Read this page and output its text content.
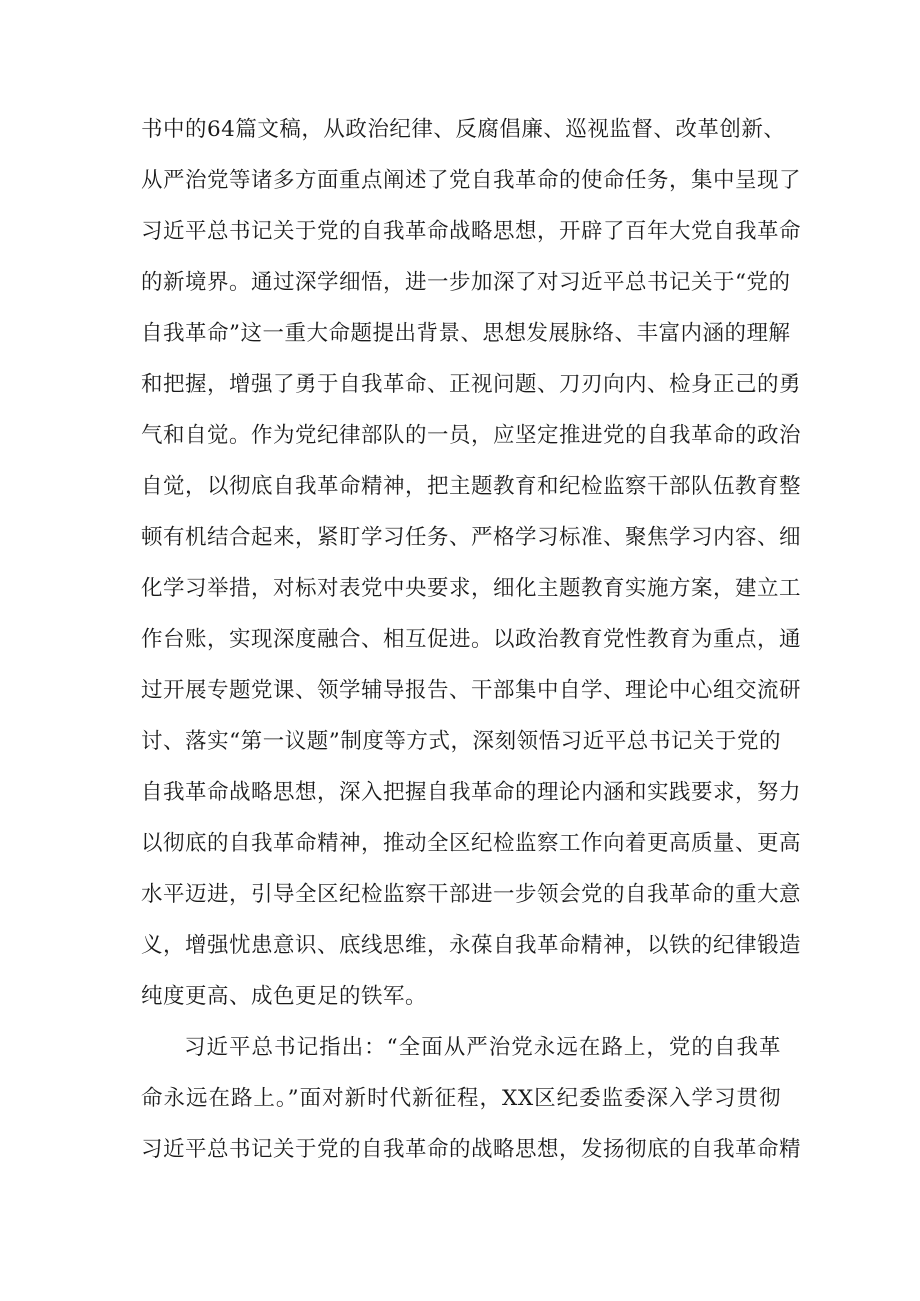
书中的64篇文稿，从政治纪律、反腐倡廉、巡视监督、改革创新、
从严治党等诸多方面重点阐述了党自我革命的使命任务，集中呈现了
习近平总书记关于党的自我革命战略思想，开辟了百年大党自我革命
的新境界。通过深学细悟，进一步加深了对习近平总书记关于“党的
自我革命”这一重大命题提出背景、思想发展脉络、丰富内涵的理解
和把握，增强了勇于自我革命、正视问题、刀刃向内、检身正己的勇
气和自觉。作为党纪律部队的一员，应坚定推进党的自我革命的政治
自觉，以彻底自我革命精神，把主题教育和纪检监察干部队伍教育整
顿有机结合起来，紧盯学习任务、严格学习标准、聚焦学习内容、细
化学习举措，对标对表党中央要求，细化主题教育实施方案，建立工
作台账，实现深度融合、相互促进。以政治教育党性教育为重点，通
过开展专题党课、领学辅导报告、干部集中自学、理论中心组交流研
讨、落实“第一议题”制度等方式，深刻领悟习近平总书记关于党的
自我革命战略思想，深入把握自我革命的理论内涵和实践要求，努力
以彻底的自我革命精神，推动全区纪检监察工作向着更高质量、更高
水平迈进，引导全区纪检监察干部进一步领会党的自我革命的重大意
义，增强忧患意识、底线思维，永葆自我革命精神，以铁的纪律锻造
纯度更高、成色更足的铁军。
习近平总书记指出：“全面从严治党永远在路上，党的自我革
命永远在路上。”面对新时代新征程，XX区纪委监委深入学习贯彻
习近平总书记关于党的自我革命的战略思想，发扬彻底的自我革命精
